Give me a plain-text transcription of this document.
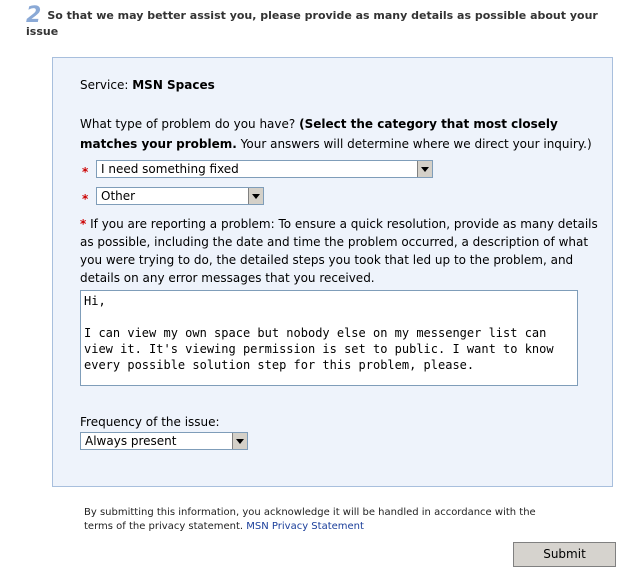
2 So that we may better assist you, please provide as many details as possible about your issue
Service: MSN Spaces
What type of problem do you have? (Select the category that most closely matches your problem. Your answers will determine where we direct your inquiry.)
*	I need something fixed
*	Other
* If you are reporting a problem: To ensure a quick resolution, provide as many details as possible, including the date and time the problem occurred, a description of what you were trying to do, the detailed steps you took that led up to the problem, and details on any error messages that you received.
Hi,

I can view my own space but nobody else on my messenger list can view it. It's viewing permission is set to public. I want to know every possible solution step for this problem, please.
Frequency of the issue:
Always present
By submitting this information, you acknowledge it will be handled in accordance with the terms of the privacy statement. MSN Privacy Statement
Submit
